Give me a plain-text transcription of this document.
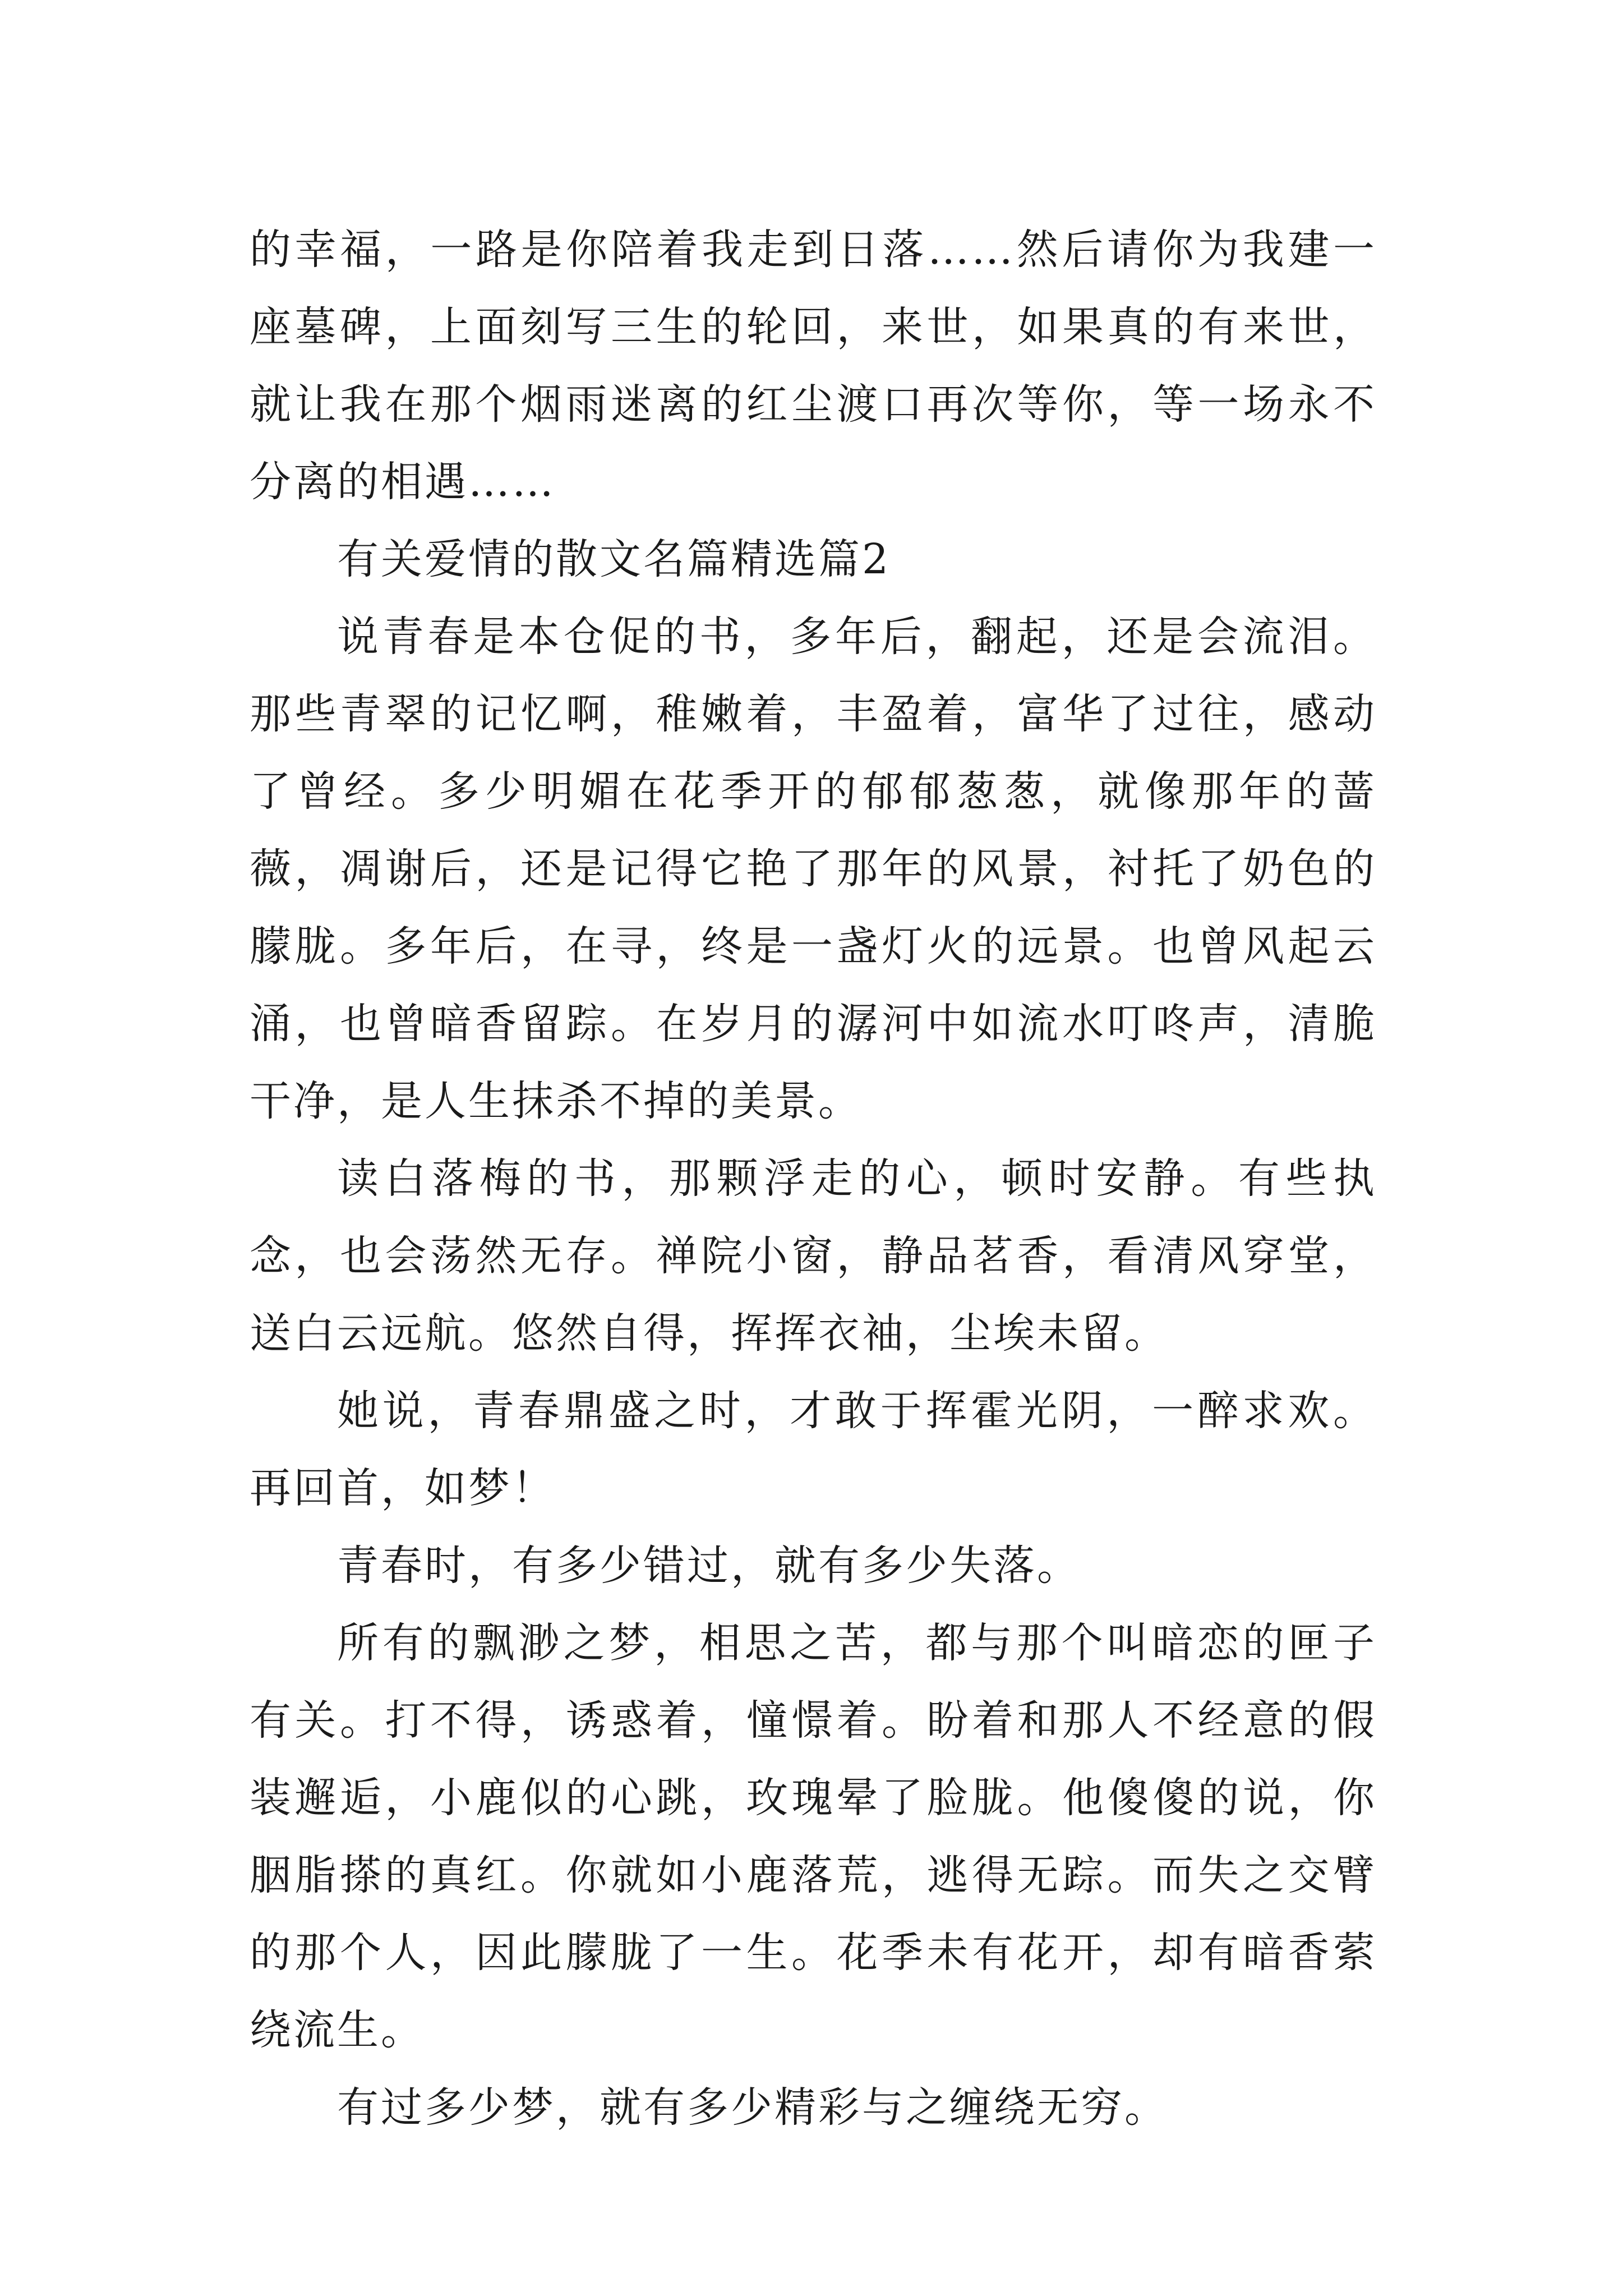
的幸福，一路是你陪着我走到日落……然后请你为我建一座墓碑，上面刻写三生的轮回，来世，如果真的有来世，就让我在那个烟雨迷离的红尘渡口再次等你，等一场永不分离的相遇……

有关爱情的散文名篇精选篇2

说青春是本仓促的书，多年后，翻起，还是会流泪。那些青翠的记忆啊，稚嫩着，丰盈着，富华了过往，感动了曾经。多少明媚在花季开的郁郁葱葱，就像那年的蔷薇，凋谢后，还是记得它艳了那年的风景，衬托了奶色的朦胧。多年后，在寻，终是一盏灯火的远景。也曾风起云涌，也曾暗香留踪。在岁月的潺河中如流水叮咚声，清脆干净，是人生抹杀不掉的美景。

读白落梅的书，那颗浮走的心，顿时安静。有些执念，也会荡然无存。禅院小窗，静品茗香，看清风穿堂，送白云远航。悠然自得，挥挥衣袖，尘埃未留。

她说，青春鼎盛之时，才敢于挥霍光阴，一醉求欢。再回首，如梦！

青春时，有多少错过，就有多少失落。

所有的飘渺之梦，相思之苦，都与那个叫暗恋的匣子有关。打不得，诱惑着，憧憬着。盼着和那人不经意的假装邂逅，小鹿似的心跳，玫瑰晕了脸胧。他傻傻的说，你胭脂搽的真红。你就如小鹿落荒，逃得无踪。而失之交臂的那个人，因此朦胧了一生。花季未有花开，却有暗香萦绕流生。

有过多少梦，就有多少精彩与之缠绕无穷。
